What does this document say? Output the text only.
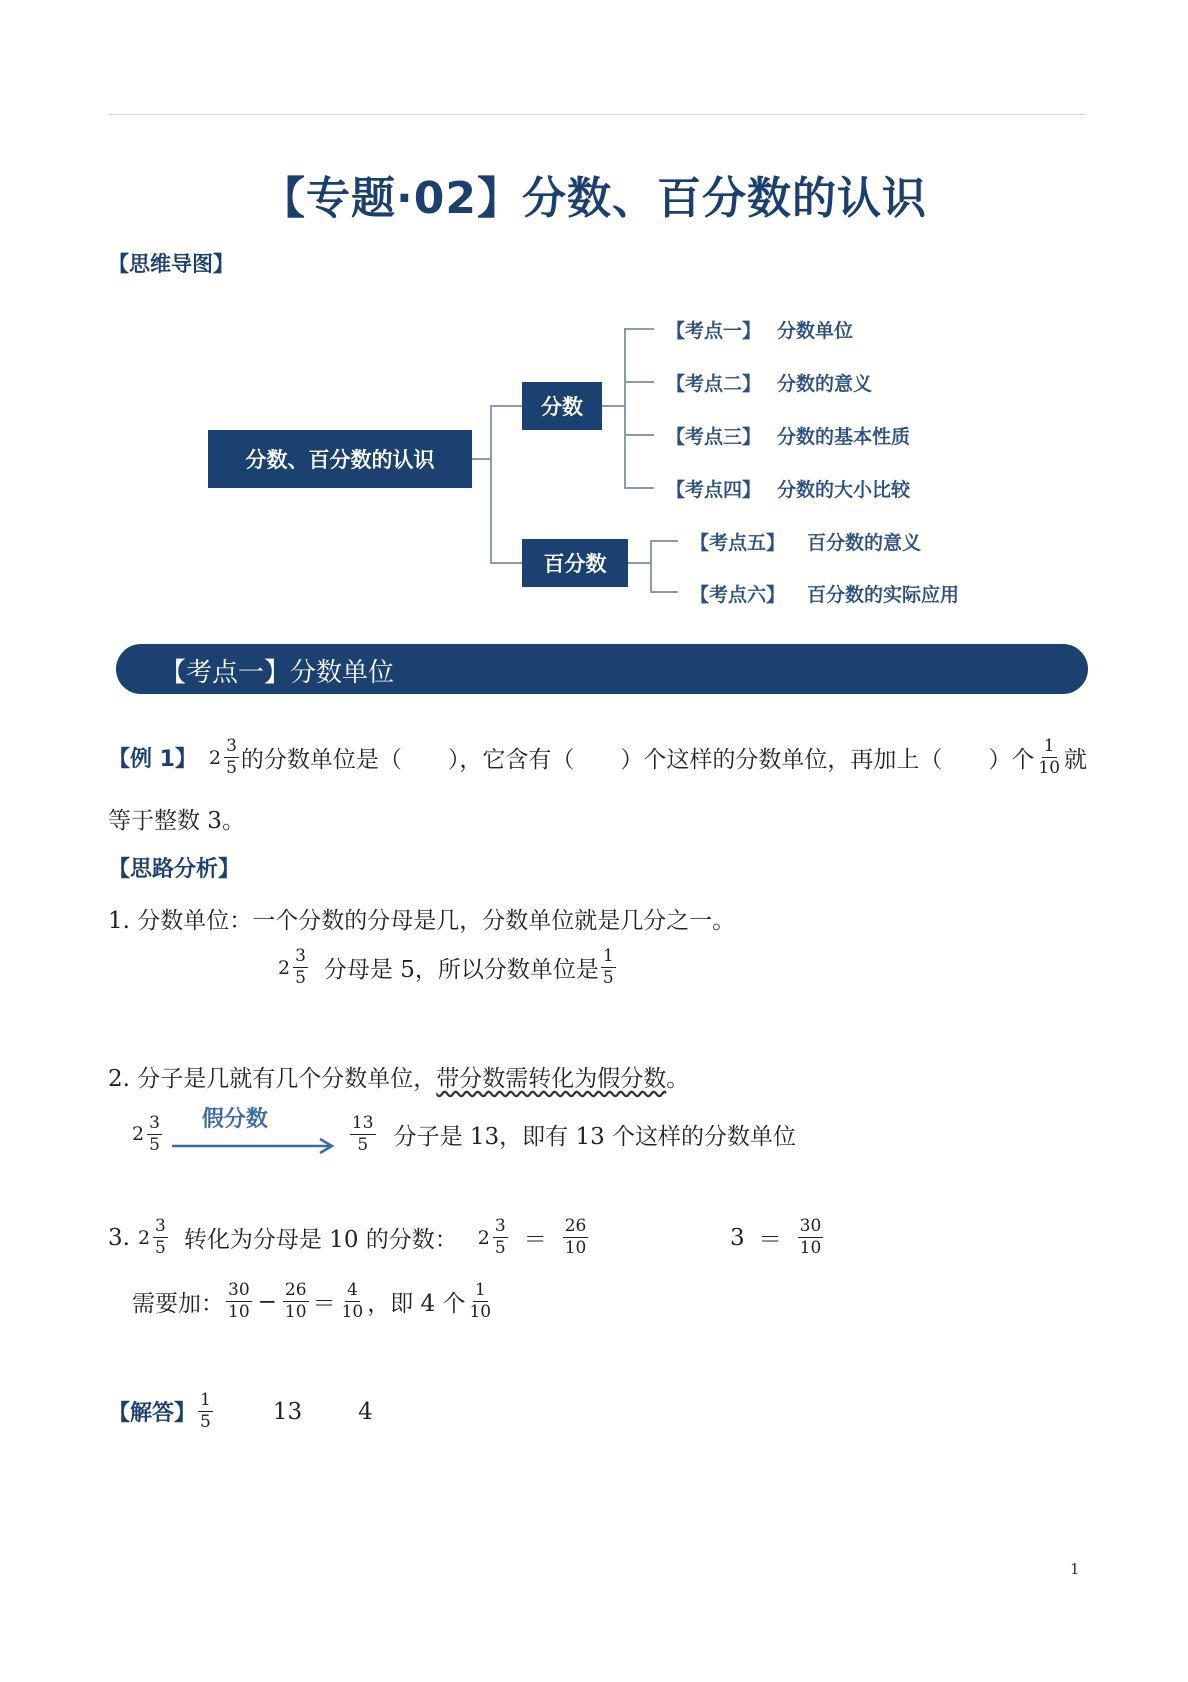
【专题·02】分数、百分数的认识
【思维导图】
分数、百分数的认识
分数
百分数
【考点一】 分数单位
【考点二】 分数的意义
【考点三】 分数的基本性质
【考点四】 分数的大小比较
【考点五】 百分数的意义
【考点六】 百分数的实际应用
【考点一】分数单位
【例 1】 $2 \frac{3}{5}$ 的分数单位是（　　），它含有（　　）个这样的分数单位，再加上（　　）个 $\frac{1}{10}$ 就
等于整数 3。
【思路分析】
1. 分数单位：一个分数的分母是几，分数单位就是几分之一。
$2 \frac{3}{5}$ 分母是 5，所以分数单位是 $\frac{1}{5}$
2. 分子是几就有几个分数单位，带分数需转化为假分数。
$2 \frac{3}{5}$ 假分数	$\frac{13}{5}$ 分子是 13，即有 13 个这样的分数单位
3. $2 \frac{3}{5}$ 转化为分母是 10 的分数： $2 \frac{3}{5} = \frac{26}{10}$	$3 = \frac{30}{10}$
需要加： $\frac{30}{10} - \frac{26}{10} = \frac{4}{10}$ ，即 4 个 $\frac{1}{10}$
【解答】 $\frac{1}{5}$	13 4
1
